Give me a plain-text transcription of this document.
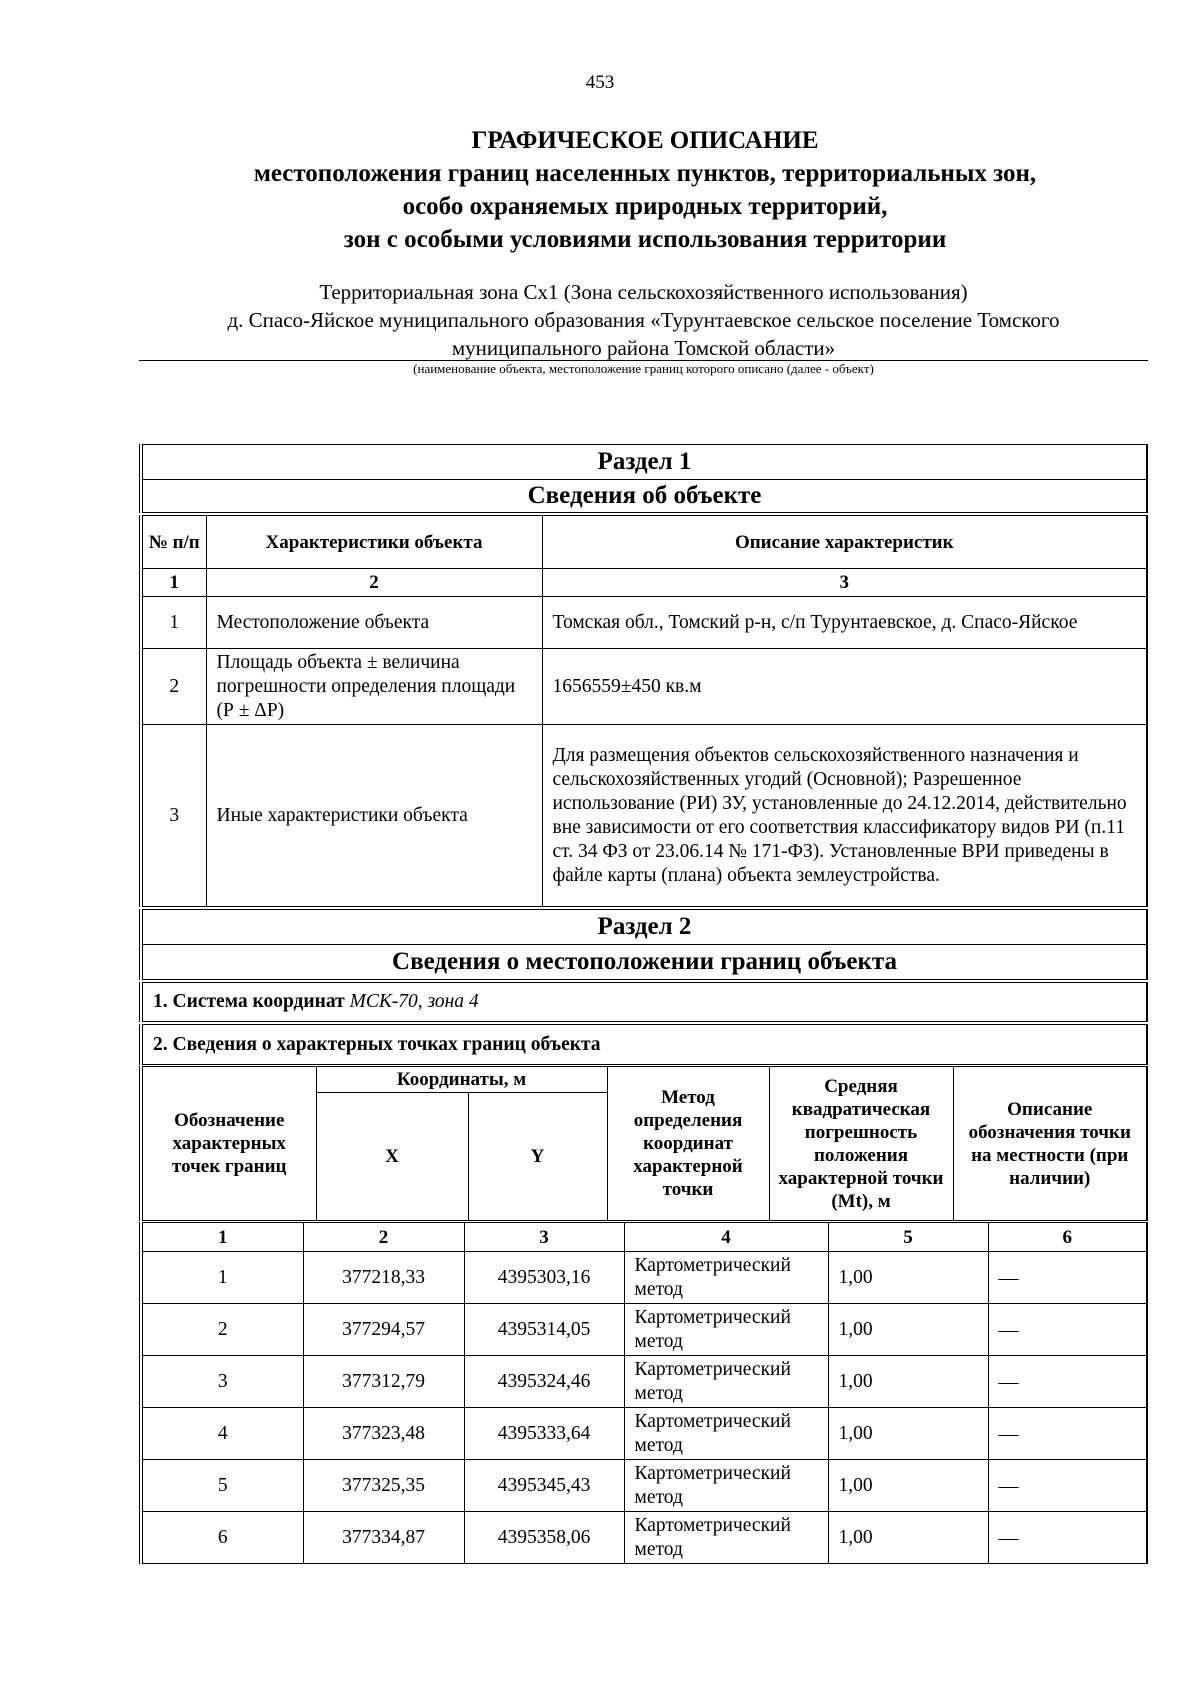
453
ГРАФИЧЕСКОЕ ОПИСАНИЕ
местоположения границ населенных пунктов, территориальных зон,
особо охраняемых природных территорий,
зон с особыми условиями использования территории
Территориальная зона Сх1 (Зона сельскохозяйственного использования)
д. Спасо-Яйское муниципального образования «Турунтаевское сельское поселение Томского
муниципального района Томской области»
(наименование объекта, местоположение границ которого описано (далее - объект)
Раздел 1
Сведения об объекте
№ п/п	Характеристики объекта	Описание характеристик
1	2	3
1	Местоположение объекта	Томская обл., Томский р-н, с/п Турунтаевское, д. Спасо-Яйское
2	Площадь объекта ± величина погрешности определения площади (Р ± ΔР)	1656559±450 кв.м
3	Иные характеристики объекта	Для размещения объектов сельскохозяйственного назначения и сельскохозяйственных угодий (Основной); Разрешенное использование (РИ) ЗУ, установленные до 24.12.2014, действительно вне зависимости от его соответствия классификатору видов РИ (п.11 ст. 34 ФЗ от 23.06.14 № 171-ФЗ). Установленные ВРИ приведены в файле карты (плана) объекта землеустройства.
Раздел 2
Сведения о местоположении границ объекта
1. Система координат МСК-70, зона 4
2. Сведения о характерных точках границ объекта
Обозначение характерных точек границ	Координаты, м		Метод определения координат характерной точки	Средняя квадратическая погрешность положения характерной точки (Mt), м	Описание обозначения точки на местности (при наличии)
	X	Y			
1	2	3	4	5	6
1	377218,33	4395303,16	Картометрический метод	1,00	—
2	377294,57	4395314,05	Картометрический метод	1,00	—
3	377312,79	4395324,46	Картометрический метод	1,00	—
4	377323,48	4395333,64	Картометрический метод	1,00	—
5	377325,35	4395345,43	Картометрический метод	1,00	—
6	377334,87	4395358,06	Картометрический метод	1,00	—
